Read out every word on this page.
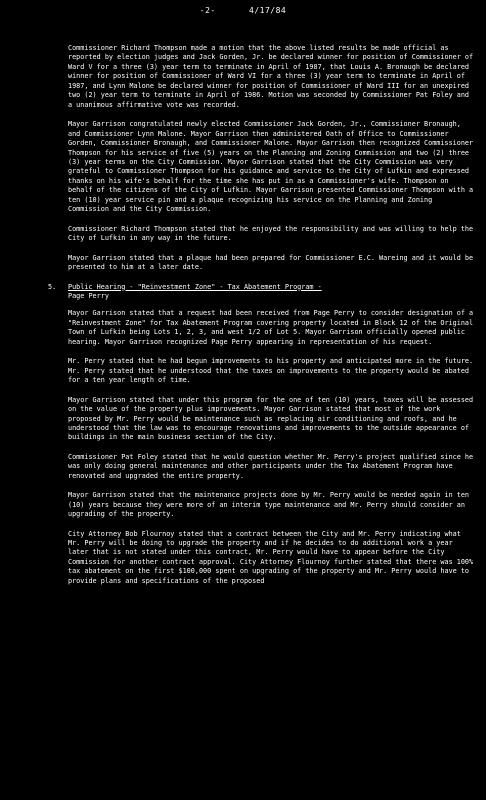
-2-	4/17/84

Commissioner Richard Thompson made a motion that the above listed results be made official as reported by election judges and Jack Gorden, Jr. be declared winner for position of Commissioner of Ward V for a three (3) year term to terminate in April of 1987, that Louis A. Bronaugh be declared winner for position of Commissioner of Ward VI for a three (3) year term to terminate in April of 1987, and Lynn Malone be declared winner for position of Commissioner of Ward III for an unexpired two (2) year term to terminate in April of 1986. Motion was seconded by Commissioner Pat Foley and a unanimous affirmative vote was recorded.

Mayor Garrison congratulated newly elected Commissioner Jack Gorden, Jr., Commissioner Bronaugh, and Commissioner Lynn Malone. Mayor Garrison then administered Oath of Office to Commissioner Gorden, Commissioner Bronaugh, and Commissioner Malone. Mayor Garrison then recognized Commissioner Thompson for his service of five (5) years on the Planning and Zoning Commission and two (2) three (3) year terms on the City Commission. Mayor Garrison stated that the City Commission was very grateful to Commissioner Thompson for his guidance and service to the City of Lufkin and expressed thanks on his wife's behalf for the time she has put in as a Commissioner's wife. Thompson on behalf of the citizens of the City of Lufkin. Mayor Garrison presented Commissioner Thompson with a ten (10) year service pin and a plaque recognizing his service on the Planning and Zoning Commission and the City Commission.

Commissioner Richard Thompson stated that he enjoyed the responsibility and was willing to help the City of Lufkin in any way in the future.

Mayor Garrison stated that a plaque had been prepared for Commissioner E.C. Wareing and it would be presented to him at a later date.

5. Public Hearing - "Reinvestment Zone" - Tax Abatement Program -
Page Perry

Mayor Garrison stated that a request had been received from Page Perry to consider designation of a "Reinvestment Zone" for Tax Abatement Program covering property located in Block 12 of the Original Town of Lufkin being Lots 1, 2, 3, and west 1/2 of Lot 5. Mayor Garrison officially opened public hearing. Mayor Garrison recognized Page Perry appearing in representation of his request.

Mr. Perry stated that he had begun improvements to his property and anticipated more in the future. Mr. Perry stated that he understood that the taxes on improvements to the property would be abated for a ten year length of time.

Mayor Garrison stated that under this program for the one of ten (10) years, taxes will be assessed on the value of the property plus improvements. Mayor Garrison stated that most of the work proposed by Mr. Perry would be maintenance such as replacing air conditioning and roofs, and he understood that the law was to encourage renovations and improvements to the outside appearance of buildings in the main business section of the City.

Commissioner Pat Foley stated that he would question whether Mr. Perry's project qualified since he was only doing general maintenance and other participants under the Tax Abatement Program have renovated and upgraded the entire property.

Mayor Garrison stated that the maintenance projects done by Mr. Perry would be needed again in ten (10) years because they were more of an interim type maintenance and Mr. Perry should consider an upgrading of the property.

City Attorney Bob Flournoy stated that a contract between the City and Mr. Perry indicating what Mr. Perry will be doing to upgrade the property and if he decides to do additional work a year later that is not stated under this contract, Mr. Perry would have to appear before the City Commission for another contract approval. City Attorney Flournoy further stated that there was 100% tax abatement on the first $100,000 spent on upgrading of the property and Mr. Perry would have to provide plans and specifications of the proposed
